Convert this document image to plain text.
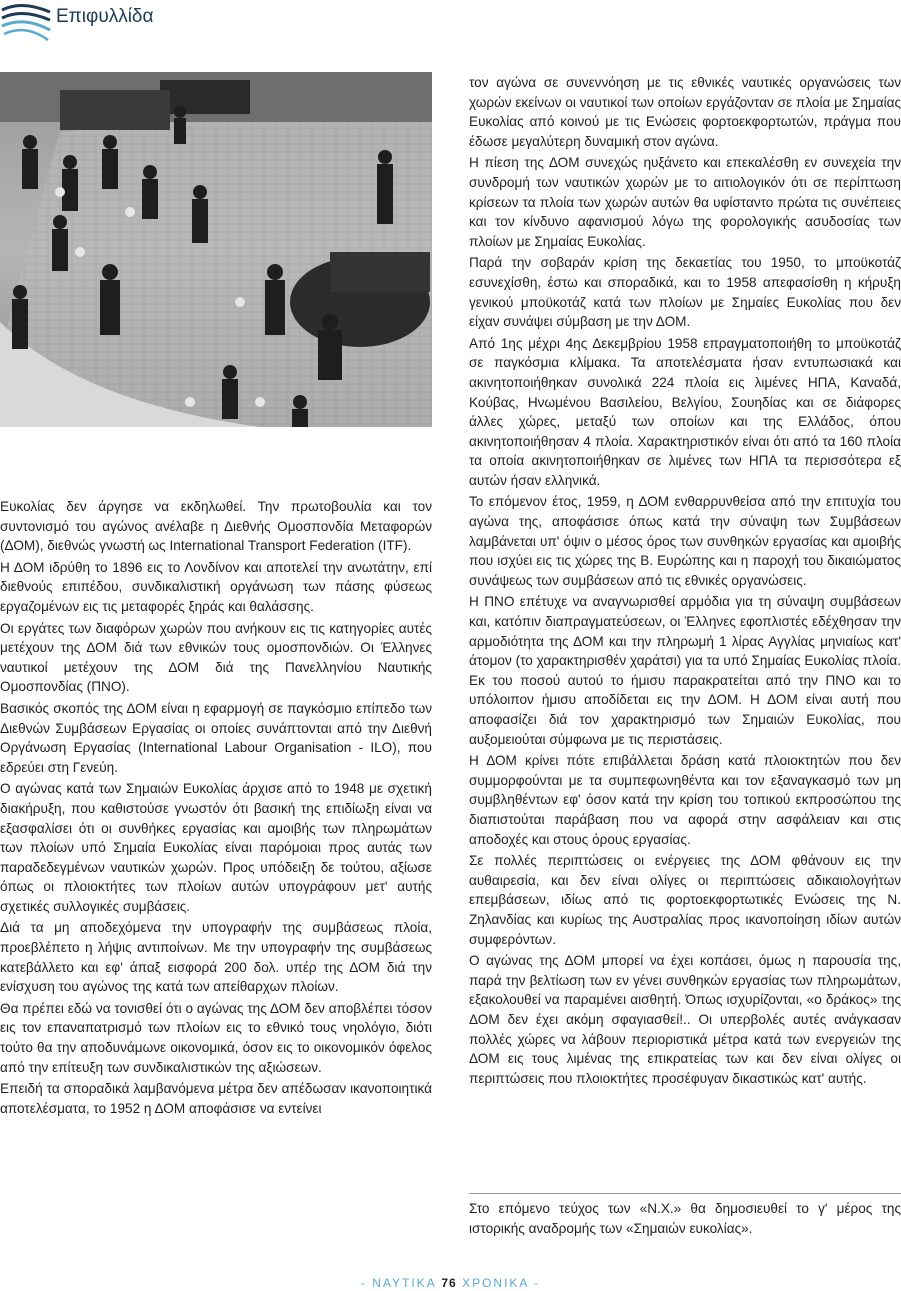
Επιφυλλίδα

Ευκολίας δεν άργησε να εκδηλωθεί. Την πρωτοβουλία και τον συντονισμό του αγώνος ανέλαβε η Διεθνής Ομοσπονδία Μεταφορών (ΔΟΜ), διεθνώς γνωστή ως International Transport Federation (ITF).

Η ΔΟΜ ιδρύθη το 1896 εις το Λονδίνον και αποτελεί την ανωτάτην, επί διεθνούς επιπέδου, συνδικαλιστική οργάνωση των πάσης φύσεως εργαζομένων εις τις μεταφορές ξηράς και θαλάσσης.

Οι εργάτες των διαφόρων χωρών που ανήκουν εις τις κατηγορίες αυτές μετέχουν της ΔΟΜ διά των εθνικών τους ομοσπονδιών. Οι Έλληνες ναυτικοί μετέχουν της ΔΟΜ διά της Πανελληνίου Ναυτικής Ομοσπονδίας (ΠΝΟ).

Βασικός σκοπός της ΔΟΜ είναι η εφαρμογή σε παγκόσμιο επίπεδο των Διεθνών Συμβάσεων Εργασίας οι οποίες συνάπτονται από την Διεθνή Οργάνωση Εργασίας (International Labour Organisation - ILO), που εδρεύει στη Γενεύη.

Ο αγώνας κατά των Σημαιών Ευκολίας άρχισε από το 1948 με σχετική διακήρυξη, που καθιστούσε γνωστόν ότι βασική της επιδίωξη είναι να εξασφαλίσει ότι οι συνθήκες εργασίας και αμοιβής των πληρωμάτων των πλοίων υπό Σημαία Ευκολίας είναι παρόμοιαι προς αυτάς των παραδεδεγμένων ναυτικών χωρών. Προς υπόδειξη δε τούτου, αξίωσε όπως οι πλοιοκτήτες των πλοίων αυτών υπογράφουν μετ' αυτής σχετικές συλλογικές συμβάσεις.

Διά τα μη αποδεχόμενα την υπογραφήν της συμβάσεως πλοία, προεβλέπετο η λήψις αντιποίνων. Με την υπογραφήν της συμβάσεως κατεβάλλετο και εφ' άπαξ εισφορά 200 δολ. υπέρ της ΔΟΜ διά την ενίσχυση του αγώνος της κατά των απείθαρχων πλοίων.

Θα πρέπει εδώ να τονισθεί ότι ο αγώνας της ΔΟΜ δεν αποβλέπει τόσον εις τον επαναπατρισμό των πλοίων εις το εθνικό τους νηολόγιο, διότι τούτο θα την αποδυνάμωνε οικονομικά, όσον εις το οικονομικόν όφελος από την επίτευξη των συνδικαλιστικών της αξιώσεων.

Επειδή τα σποραδικά λαμβανόμενα μέτρα δεν απέδωσαν ικανοποιητικά αποτελέσματα, το 1952 η ΔΟΜ αποφάσισε να εντείνει

τον αγώνα σε συνεννόηση με τις εθνικές ναυτικές οργανώσεις των χωρών εκείνων οι ναυτικοί των οποίων εργάζονταν σε πλοία με Σημαίας Ευκολίας από κοινού με τις Ενώσεις φορτοεκφορτωτών, πράγμα που έδωσε μεγαλύτερη δυναμική στον αγώνα.

Η πίεση της ΔΟΜ συνεχώς ηυξάνετο και επεκαλέσθη εν συνεχεία την συνδρομή των ναυτικών χωρών με το αιτιολογικόν ότι σε περίπτωση κρίσεων τα πλοία των χωρών αυτών θα υφίσταντο πρώτα τις συνέπειες και τον κίνδυνο αφανισμού λόγω της φορολογικής ασυδοσίας των πλοίων με Σημαίας Ευκολίας.

Παρά την σοβαράν κρίση της δεκαετίας του 1950, το μποϋκοτάζ εσυνεχίσθη, έστω και σποραδικά, και το 1958 απεφασίσθη η κήρυξη γενικού μποϋκοτάζ κατά των πλοίων με Σημαίες Ευκολίας που δεν είχαν συνάψει σύμβαση με την ΔΟΜ.

Από 1ης μέχρι 4ης Δεκεμβρίου 1958 επραγματοποιήθη το μποϋκοτάζ σε παγκόσμια κλίμακα. Τα αποτελέσματα ήσαν εντυπωσιακά και ακινητοποιήθηκαν συνολικά 224 πλοία εις λιμένες ΗΠΑ, Καναδά, Κούβας, Ηνωμένου Βασιλείου, Βελγίου, Σουηδίας και σε διάφορες άλλες χώρες, μεταξύ των οποίων και της Ελλάδος, όπου ακινητοποιήθησαν 4 πλοία. Χαρακτηριστικόν είναι ότι από τα 160 πλοία τα οποία ακινητοποιήθηκαν σε λιμένες των ΗΠΑ τα περισσότερα εξ αυτών ήσαν ελληνικά.

Το επόμενον έτος, 1959, η ΔΟΜ ενθαρρυνθείσα από την επιτυχία του αγώνα της, αποφάσισε όπως κατά την σύναψη των Συμβάσεων λαμβάνεται υπ' όψιν ο μέσος όρος των συνθηκών εργασίας και αμοιβής που ισχύει εις τις χώρες της Β. Ευρώπης και η παροχή του δικαιώματος συνάψεως των συμβάσεων από τις εθνικές οργανώσεις.

Η ΠΝΟ επέτυχε να αναγνωρισθεί αρμόδια για τη σύναψη συμβάσεων και, κατόπιν διαπραγματεύσεων, οι Έλληνες εφοπλιστές εδέχθησαν την αρμοδιότητα της ΔΟΜ και την πληρωμή 1 λίρας Αγγλίας μηνιαίως κατ' άτομον (το χαρακτηρισθέν χαράτσι) για τα υπό Σημαίας Ευκολίας πλοία. Εκ του ποσού αυτού το ήμισυ παρακρατείται από την ΠΝΟ και το υπόλοιπον ήμισυ αποδίδεται εις την ΔΟΜ. Η ΔΟΜ είναι αυτή που αποφασίζει διά τον χαρακτηρισμό των Σημαιών Ευκολίας, που αυξομειούται σύμφωνα με τις περιστάσεις.

Η ΔΟΜ κρίνει πότε επιβάλλεται δράση κατά πλοιοκτητών που δεν συμμορφούνται με τα συμπεφωνηθέντα και τον εξαναγκασμό των μη συμβληθέντων εφ' όσον κατά την κρίση του τοπικού εκπροσώπου της διαπιστούται παράβαση που να αφορά στην ασφάλειαν και στις αποδοχές και στους όρους εργασίας.

Σε πολλές περιπτώσεις οι ενέργειες της ΔΟΜ φθάνουν εις την αυθαιρεσία, και δεν είναι ολίγες οι περιπτώσεις αδικαιολογήτων επεμβάσεων, ιδίως από τις φορτοεκφορτωτικές Ενώσεις της Ν. Ζηλανδίας και κυρίως της Αυστραλίας προς ικανοποίηση ιδίων αυτών συμφερόντων.

Ο αγώνας της ΔΟΜ μπορεί να έχει κοπάσει, όμως η παρουσία της, παρά την βελτίωση των εν γένει συνθηκών εργασίας των πληρωμάτων, εξακολουθεί να παραμένει αισθητή. Όπως ισχυρίζονται, «ο δράκος» της ΔΟΜ δεν έχει ακόμη σφαγιασθεί!.. Οι υπερβολές αυτές ανάγκασαν πολλές χώρες να λάβουν περιοριστικά μέτρα κατά των ενεργειών της ΔΟΜ εις τους λιμένας της επικρατείας των και δεν είναι ολίγες οι περιπτώσεις που πλοιοκτήτες προσέφυγαν δικαστικώς κατ' αυτής.

Στο επόμενο τεύχος των «Ν.Χ.» θα δημοσιευθεί το γ' μέρος της ιστορικής αναδρομής των «Σημαιών ευκολίας».
- ΝΑΥΤΙΚΑ 76 ΧΡΟΝΙΚΑ -
